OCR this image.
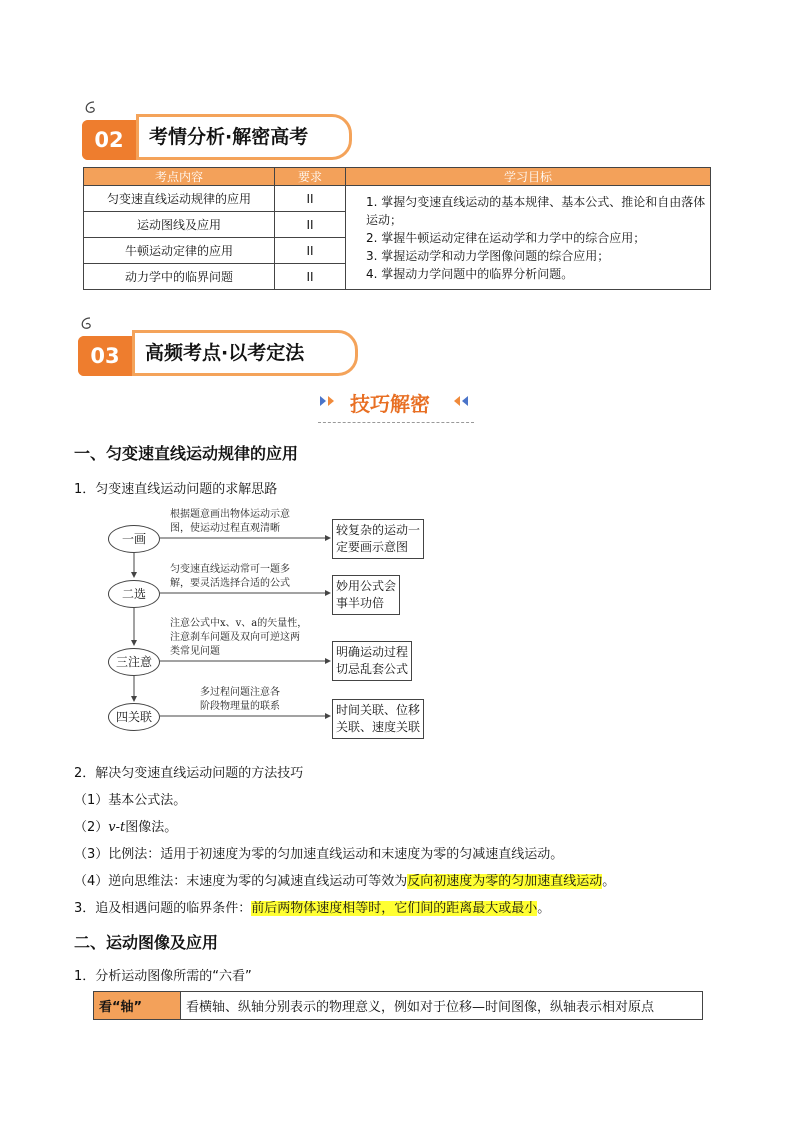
02	考情分析·解密高考
考点内容	要求	学习目标
匀变速直线运动规律的应用	II	1. 掌握匀变速直线运动的基本规律、基本公式、推论和自由落体运动；
2. 掌握牛顿运动定律在运动学和力学中的综合应用；
3. 掌握运动学和动力学图像问题的综合应用；
4. 掌握动力学问题中的临界分析问题。

运动图线及应用	II	
牛顿运动定律的应用	II	
动力学中的临界问题	II	
03	高频考点·以考定法
技巧解密
一、匀变速直线运动规律的应用
1．匀变速直线运动问题的求解思路
一画
二选
三注意
四关联
根据题意画出物体运动示意
图，使运动过程直观清晰
匀变速直线运动常可一题多
解，要灵活选择合适的公式
注意公式中x、v、a的矢量性，
注意刹车问题及双向可逆这两
类常见问题
多过程问题注意各
阶段物理量的联系
较复杂的运动一
定要画示意图
妙用公式会
事半功倍
明确运动过程
切忌乱套公式
时间关联、位移
关联、速度关联
2．解决匀变速直线运动问题的方法技巧
（1）基本公式法。
（2）v-t图像法。
（3）比例法：适用于初速度为零的匀加速直线运动和末速度为零的匀减速直线运动。
（4）逆向思维法：末速度为零的匀减速直线运动可等效为反向初速度为零的匀加速直线运动。
3．追及相遇问题的临界条件：前后两物体速度相等时，它们间的距离最大或最小。
二、运动图像及应用
1．分析运动图像所需的“六看”
看“轴”	看横轴、纵轴分别表示的物理意义，例如对于位移—时间图像，纵轴表示相对原点
